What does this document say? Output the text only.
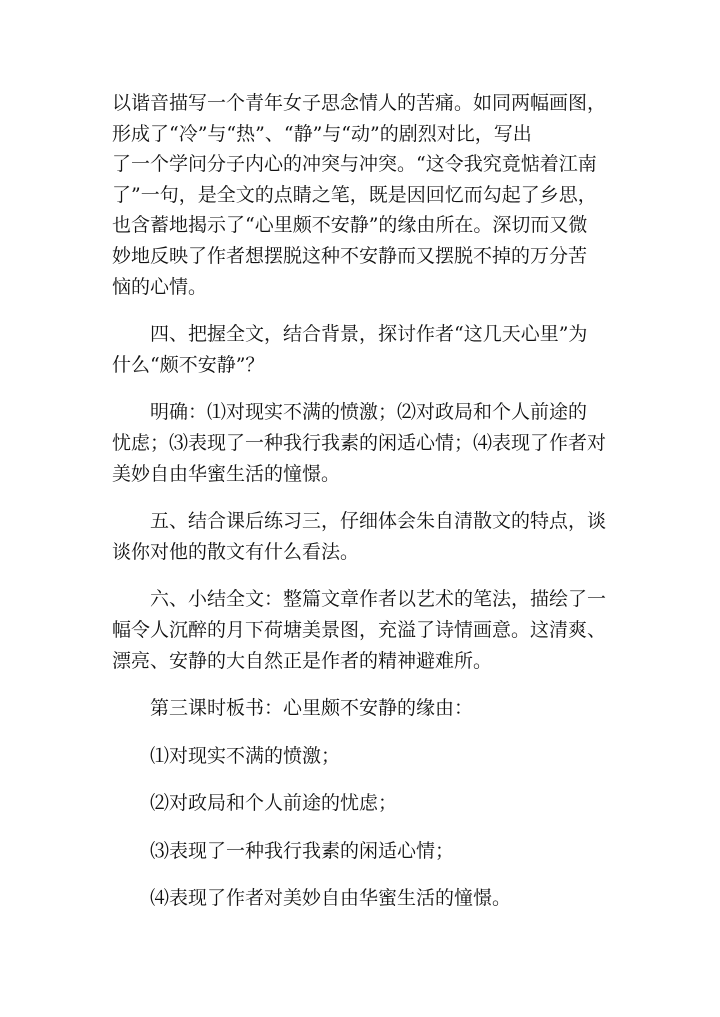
以谐音描写一个青年女子思念情人的苦痛。如同两幅画图，
形成了“冷”与“热”、“静”与“动”的剧烈对比，写出
了一个学问分子内心的冲突与冲突。“这令我究竟惦着江南
了”一句，是全文的点睛之笔，既是因回忆而勾起了乡思，
也含蓄地揭示了“心里颇不安静”的缘由所在。深切而又微
妙地反映了作者想摆脱这种不安静而又摆脱不掉的万分苦
恼的心情。
四、把握全文，结合背景，探讨作者“这几天心里”为
什么“颇不安静”？
明确：⑴对现实不满的愤激；⑵对政局和个人前途的
忧虑；⑶表现了一种我行我素的闲适心情；⑷表现了作者对
美妙自由华蜜生活的憧憬。
五、结合课后练习三，仔细体会朱自清散文的特点，谈
谈你对他的散文有什么看法。
六、小结全文：整篇文章作者以艺术的笔法，描绘了一
幅令人沉醉的月下荷塘美景图，充溢了诗情画意。这清爽、
漂亮、安静的大自然正是作者的精神避难所。
第三课时板书：心里颇不安静的缘由：
⑴对现实不满的愤激；
⑵对政局和个人前途的忧虑；
⑶表现了一种我行我素的闲适心情；
⑷表现了作者对美妙自由华蜜生活的憧憬。
